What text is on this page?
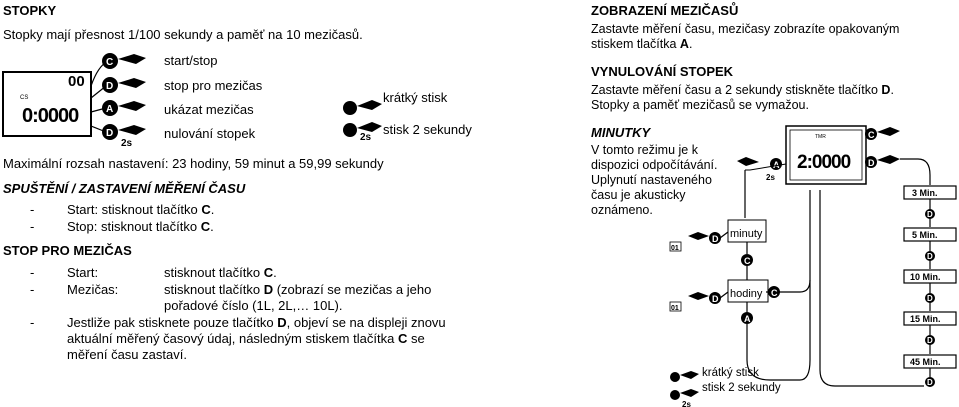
STOPKY
Stopky mají přesnost 1/100 sekundy a paměť na 10 mezičasů.
00
CS
0:0000
C
D
A
D
2s
2s
start/stop
stop pro mezičas
ukázat mezičas
nulování stopek
krátký stisk
stisk 2 sekundy
Maximální rozsah nastavení: 23 hodiny, 59 minut a 59,99 sekundy
SPUŠTĚNÍ / ZASTAVENÍ MĚŘENÍ ČASU
-	Start: stisknout tlačítko C.
-	Stop: stisknout tlačítko C.
STOP PRO MEZIČAS
-	Start:	stisknout tlačítko C.
-	Mezičas:	stisknout tlačítko D (zobrazí se mezičas a jeho
pořadové číslo (1L, 2L,… 10L).
-	Jestliže pak stisknete pouze tlačítko D, objeví se na displeji znovu
aktuální měřený časový údaj, následným stiskem tlačítka C se
měření času zastaví.
ZOBRAZENÍ MEZIČASŮ
Zastavte měření času, mezičasy zobrazíte opakovaným
stiskem tlačítka A.
VYNULOVÁNÍ STOPEK
Zastavte měření času a 2 sekundy stiskněte tlačítko D.
Stopky a paměť mezičasů se vymažou.
MINUTKY
V tomto režimu je k
dispozici odpočítávání.
Uplynutí nastaveného
času je akusticky
oznámeno.
TMR
2:0000
C
D
A
2s
D
01
D
01
C
C
A
3 Min.
D
5 Min.
D
10 Min.
D
15 Min.
D
45 Min.
D
2s
minuty
hodiny
krátký stisk
stisk 2 sekundy
